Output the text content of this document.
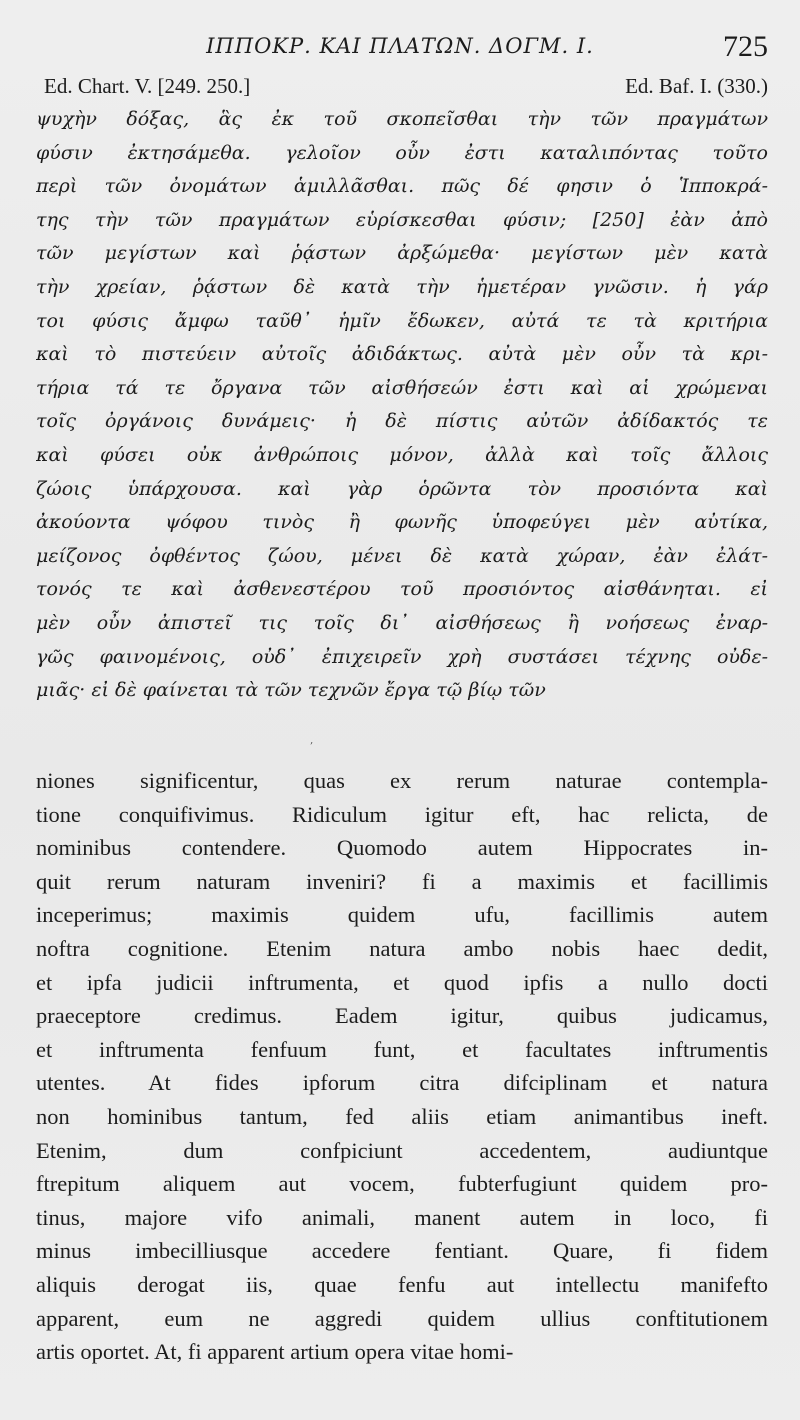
ΙΠΠΟΚΡ. ΚΑΙ ΠΛΑΤΩΝ. ΔΟΓΜ. Ι.	725
Ed. Chart. V. [249. 250.]	Ed. Baf. I. (330.)
ψυχὴν δόξας, ἃς ἐκ τοῦ σκοπεῖσθαι τὴν τῶν πραγμάτων
φύσιν ἐκτησάμεθα. γελοῖον οὖν ἐστι καταλιπόντας τοῦτο
περὶ τῶν ὀνομάτων ἁμιλλᾶσθαι. πῶς δέ φησιν ὁ Ἱπποκρά-
της τὴν τῶν πραγμάτων εὑρίσκεσθαι φύσιν; [250] ἐὰν ἀπὸ
τῶν μεγίστων καὶ ῥᾴστων ἀρξώμεθα· μεγίστων μὲν κατὰ
τὴν χρείαν, ῥᾴστων δὲ κατὰ τὴν ἡμετέραν γνῶσιν. ἡ γάρ
τοι φύσις ἄμφω ταῦθ᾽ ἡμῖν ἔδωκεν, αὐτά τε τὰ κριτήρια
καὶ τὸ πιστεύειν αὐτοῖς ἀδιδάκτως. αὐτὰ μὲν οὖν τὰ κρι-
τήρια τά τε ὄργανα τῶν αἰσθήσεών ἐστι καὶ αἱ χρώμεναι
τοῖς ὀργάνοις δυνάμεις· ἡ δὲ πίστις αὐτῶν ἀδίδακτός τε
καὶ φύσει οὐκ ἀνθρώποις μόνον, ἀλλὰ καὶ τοῖς ἄλλοις
ζώοις ὑπάρχουσα. καὶ γὰρ ὁρῶντα τὸν προσιόντα καὶ
ἀκούοντα ψόφου τινὸς ἢ φωνῆς ὑποφεύγει μὲν αὐτίκα,
μείζονος ὀφθέντος ζώου, μένει δὲ κατὰ χώραν, ἐὰν ἐλάτ-
τονός τε καὶ ἀσθενεστέρου τοῦ προσιόντος αἰσθάνηται. εἰ
μὲν οὖν ἀπιστεῖ τις τοῖς δι᾽ αἰσθήσεως ἢ νοήσεως ἐναρ-
γῶς φαινομένοις, οὐδ᾽ ἐπιχειρεῖν χρὴ συστάσει τέχνης οὐδε-
μιᾶς· εἰ δὲ φαίνεται τὰ τῶν τεχνῶν ἔργα τῷ βίῳ τῶν
‚
niones significentur, quas ex rerum naturae contempla-
tione conquifivimus. Ridiculum igitur eft, hac relicta, de
nominibus contendere. Quomodo autem Hippocrates in-
quit rerum naturam inveniri? fi a maximis et facillimis
inceperimus; maximis quidem ufu, facillimis autem
noftra cognitione. Etenim natura ambo nobis haec dedit,
et ipfa judicii inftrumenta, et quod ipfis a nullo docti
praeceptore credimus. Eadem igitur, quibus judicamus,
et inftrumenta fenfuum funt, et facultates inftrumentis
utentes. At fides ipforum citra difciplinam et natura
non hominibus tantum, fed aliis etiam animantibus ineft.
Etenim, dum confpiciunt accedentem, audiuntque
ftrepitum aliquem aut vocem, fubterfugiunt quidem pro-
tinus, majore vifo animali, manent autem in loco, fi
minus imbecilliusque accedere fentiant. Quare, fi fidem
aliquis derogat iis, quae fenfu aut intellectu manifefto
apparent, eum ne aggredi quidem ullius conftitutionem
artis oportet. At, fi apparent artium opera vitae homi-
